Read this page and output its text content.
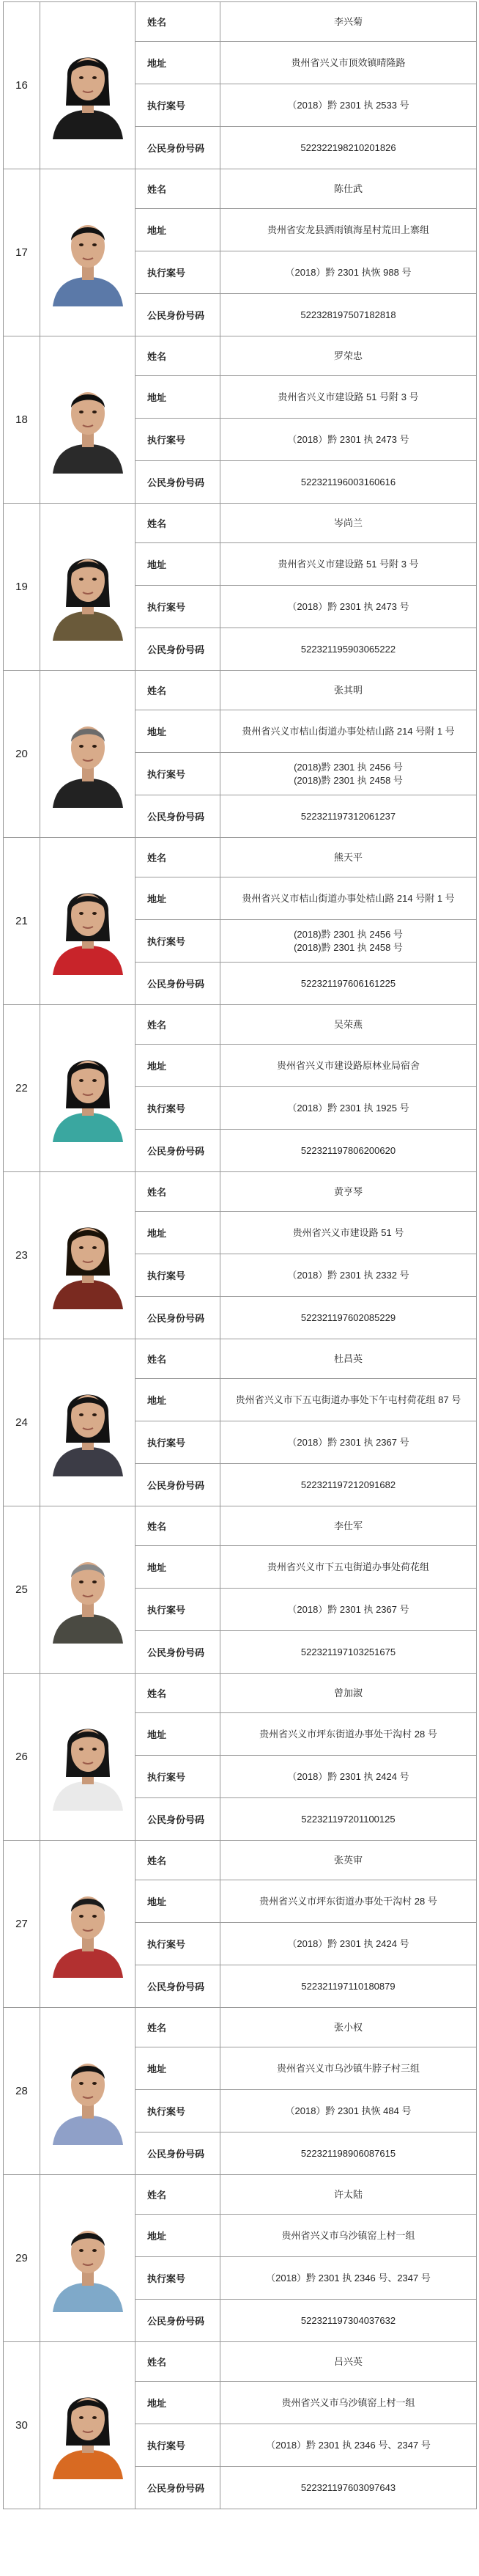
16		姓名	李兴菊
		地址	贵州省兴义市顶效镇晴隆路
		执行案号	（2018）黔 2301 执 2533 号

		公民身份号码	522322198210201826
17		姓名	陈仕武
		地址	贵州省安龙县洒雨镇海星村荒田上寨组
		执行案号	（2018）黔 2301 执恢 988 号

		公民身份号码	522328197507182818
18		姓名	罗荣忠
		地址	贵州省兴义市建设路 51 号附 3 号
		执行案号	（2018）黔 2301 执 2473 号

		公民身份号码	522321196003160616
19		姓名	岑尚兰
		地址	贵州省兴义市建设路 51 号附 3 号
		执行案号	（2018）黔 2301 执 2473 号

		公民身份号码	522321195903065222
20		姓名	张其明
		地址	贵州省兴义市桔山街道办事处桔山路 214 号附 1 号
		执行案号	(2018)黔 2301 执 2456 号
(2018)黔 2301 执 2458 号

		公民身份号码	522321197312061237
21		姓名	熊天平
		地址	贵州省兴义市桔山街道办事处桔山路 214 号附 1 号
		执行案号	(2018)黔 2301 执 2456 号
(2018)黔 2301 执 2458 号

		公民身份号码	522321197606161225
22		姓名	吴荣燕
		地址	贵州省兴义市建设路原林业局宿舍
		执行案号	（2018）黔 2301 执 1925 号

		公民身份号码	522321197806200620
23		姓名	黄亨琴
		地址	贵州省兴义市建设路 51 号
		执行案号	（2018）黔 2301 执 2332 号

		公民身份号码	522321197602085229
24		姓名	杜昌英
		地址	贵州省兴义市下五屯街道办事处下午屯村荷花组 87 号
		执行案号	（2018）黔 2301 执 2367 号

		公民身份号码	522321197212091682
25		姓名	李仕军
		地址	贵州省兴义市下五屯街道办事处荷花组
		执行案号	（2018）黔 2301 执 2367 号

		公民身份号码	522321197103251675
26		姓名	曾加淑
		地址	贵州省兴义市坪东街道办事处干沟村 28 号
		执行案号	（2018）黔 2301 执 2424 号

		公民身份号码	522321197201100125
27		姓名	张英审
		地址	贵州省兴义市坪东街道办事处干沟村 28 号
		执行案号	（2018）黔 2301 执 2424 号

		公民身份号码	522321197110180879
28		姓名	张小权
		地址	贵州省兴义市乌沙镇牛脖子村三组
		执行案号	（2018）黔 2301 执恢 484 号

		公民身份号码	522321198906087615
29		姓名	许太陆
		地址	贵州省兴义市乌沙镇窑上村一组
		执行案号	（2018）黔 2301 执 2346 号、2347 号

		公民身份号码	522321197304037632
30		姓名	吕兴英
		地址	贵州省兴义市乌沙镇窑上村一组
		执行案号	（2018）黔 2301 执 2346 号、2347 号

		公民身份号码	522321197603097643
